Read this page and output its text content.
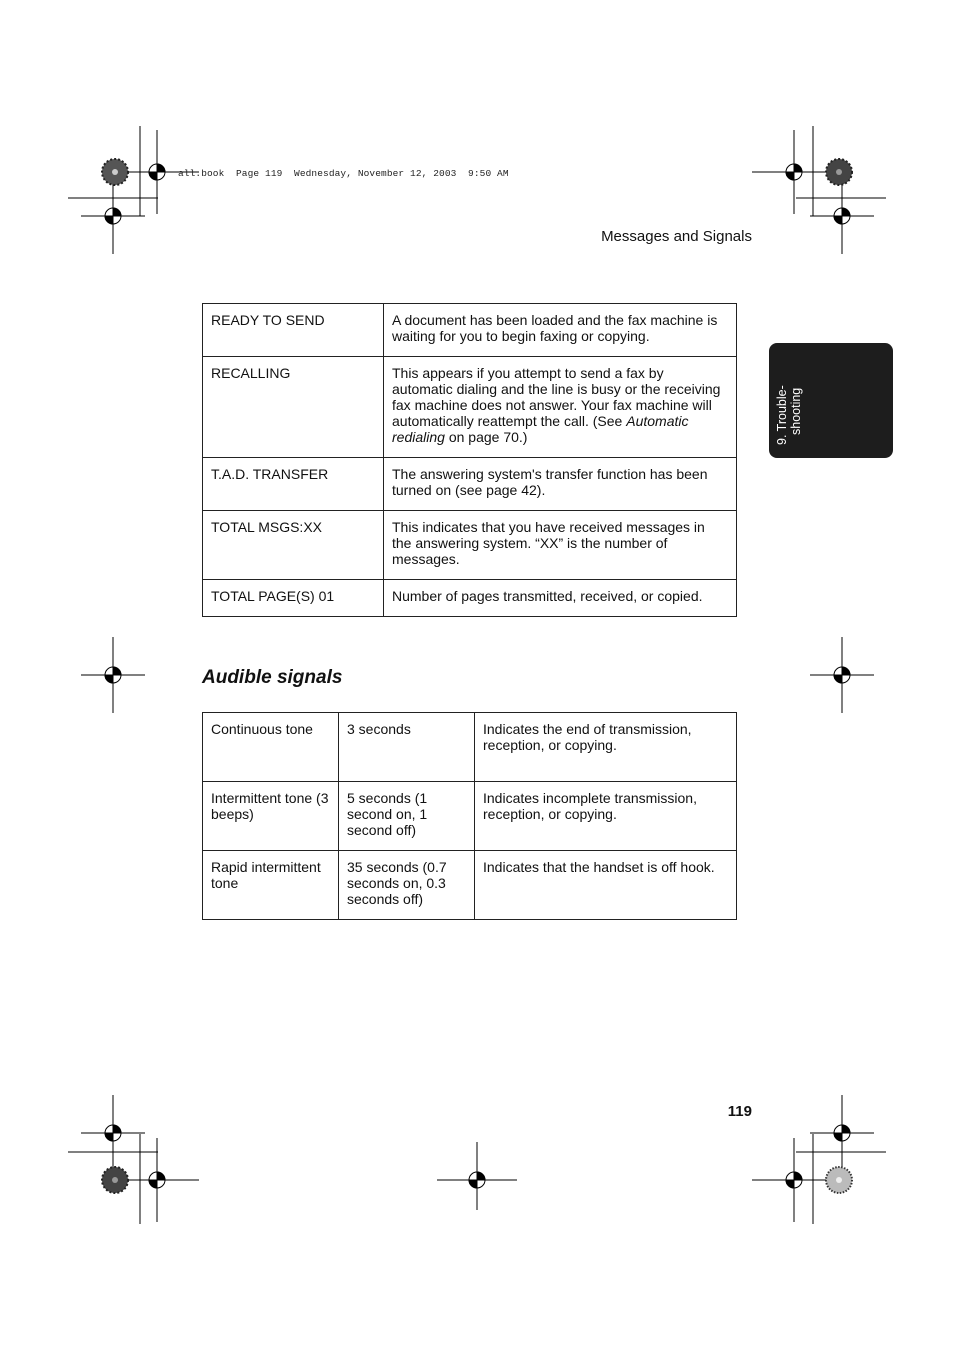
all.book  Page 119  Wednesday, November 12, 2003  9:50 AM
Messages and Signals
9. Trouble- shooting
READY TO SEND	A document has been loaded and the fax machine is waiting for you to begin faxing or copying.
RECALLING	This appears if you attempt to send a fax by automatic dialing and the line is busy or the receiving fax machine does not answer. Your fax machine will automatically reattempt the call. (See Automatic redialing on page 70.)
T.A.D. TRANSFER	The answering system's transfer function has been turned on (see page 42).
TOTAL MSGS:XX	This indicates that you have received messages in the answering system. “XX” is the number of messages.
TOTAL PAGE(S) 01	Number of pages transmitted, received, or copied.
Audible signals
Continuous tone	3 seconds	Indicates the end of transmission, reception, or copying.
Intermittent tone (3 beeps)	5 seconds (1 second on, 1 second off)	Indicates incomplete transmission, reception, or copying.
Rapid intermittent tone	35 seconds (0.7 seconds on, 0.3 seconds off)	Indicates that the handset is off hook.
119
